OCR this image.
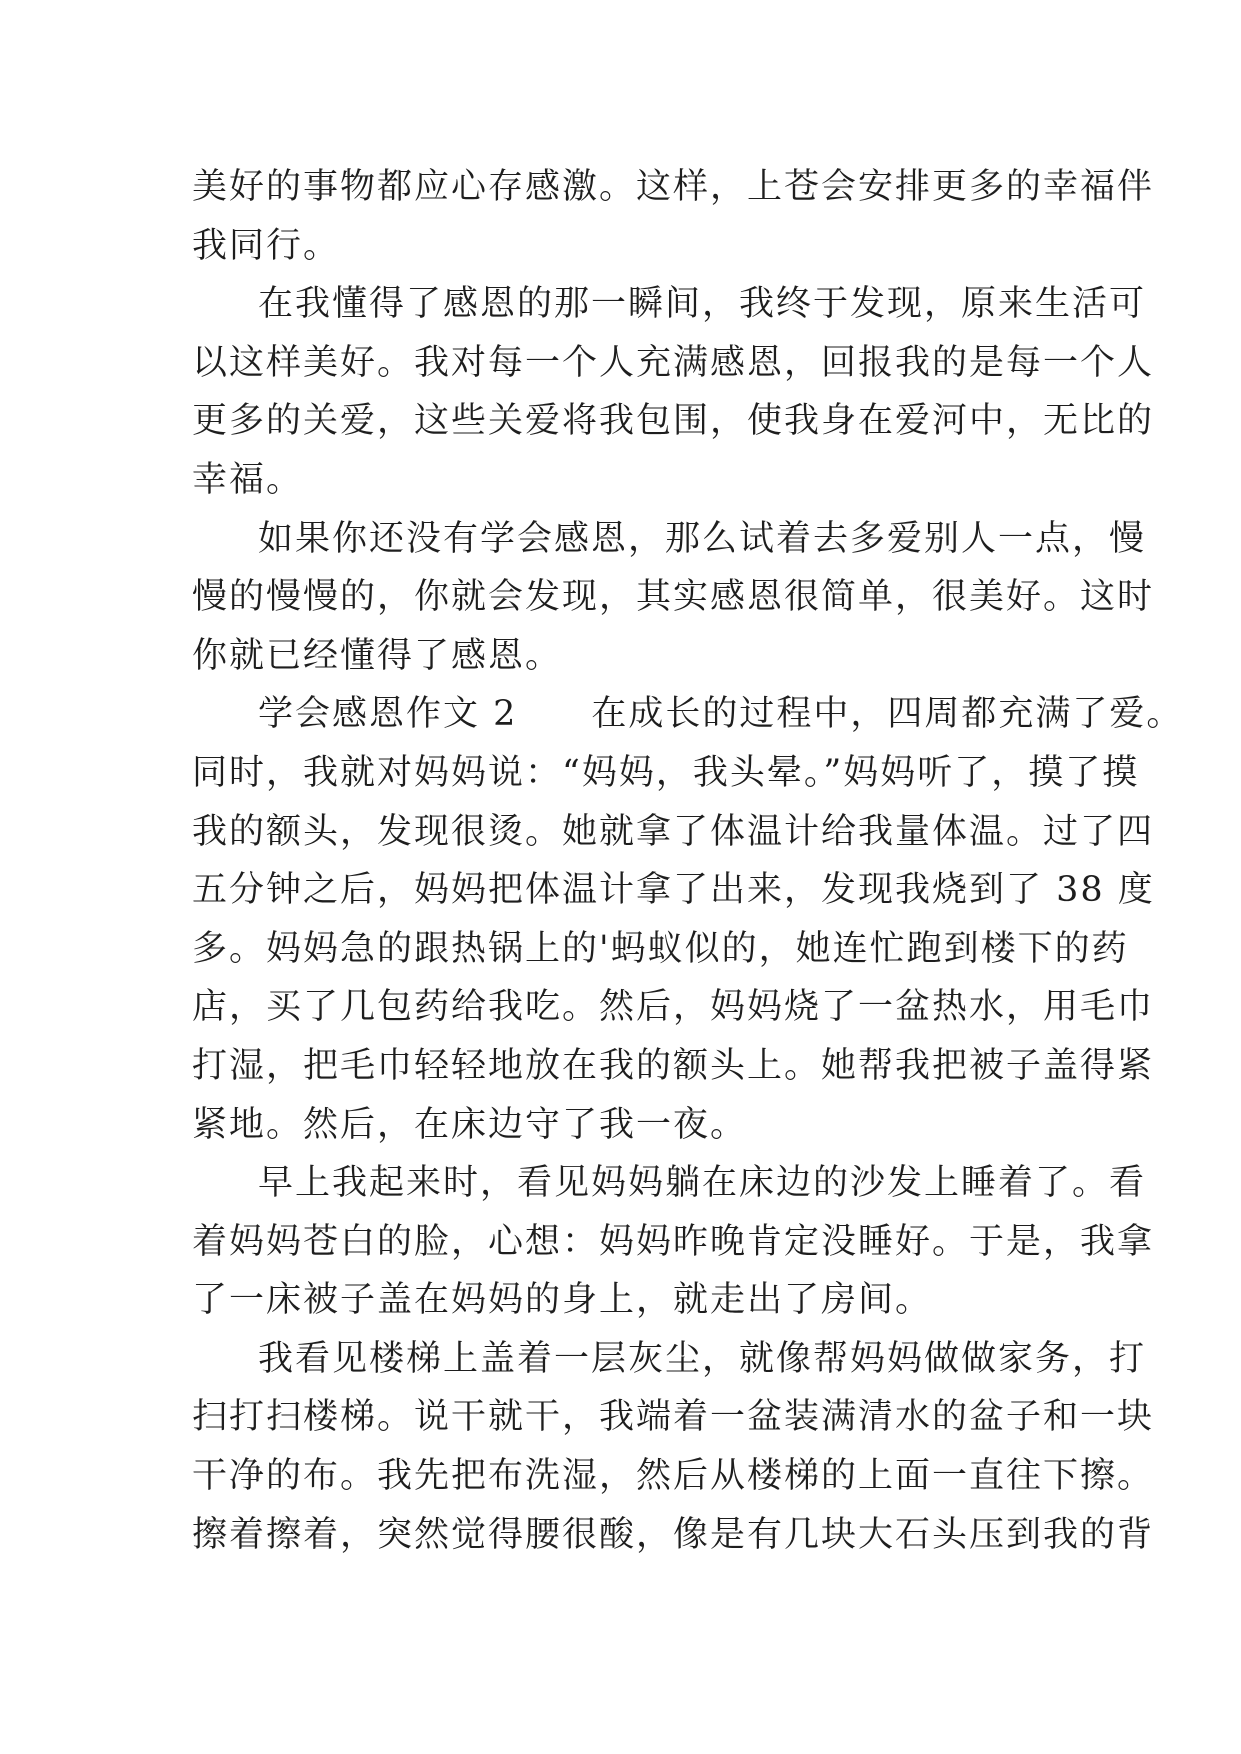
美好的事物都应心存感激。这样，上苍会安排更多的幸福伴
我同行。
在我懂得了感恩的那一瞬间，我终于发现，原来生活可
以这样美好。我对每一个人充满感恩，回报我的是每一个人
更多的关爱，这些关爱将我包围，使我身在爱河中，无比的
幸福。
如果你还没有学会感恩，那么试着去多爱别人一点，慢
慢的慢慢的，你就会发现，其实感恩很简单，很美好。这时
你就已经懂得了感恩。
学会感恩作文 2　　在成长的过程中，四周都充满了爱。
同时，我就对妈妈说：“妈妈，我头晕。”妈妈听了，摸了摸
我的额头，发现很烫。她就拿了体温计给我量体温。过了四
五分钟之后，妈妈把体温计拿了出来，发现我烧到了 38 度
多。妈妈急的跟热锅上的'蚂蚁似的，她连忙跑到楼下的药
店，买了几包药给我吃。然后，妈妈烧了一盆热水，用毛巾
打湿，把毛巾轻轻地放在我的额头上。她帮我把被子盖得紧
紧地。然后，在床边守了我一夜。
早上我起来时，看见妈妈躺在床边的沙发上睡着了。看
着妈妈苍白的脸，心想：妈妈昨晚肯定没睡好。于是，我拿
了一床被子盖在妈妈的身上，就走出了房间。
我看见楼梯上盖着一层灰尘，就像帮妈妈做做家务，打
扫打扫楼梯。说干就干，我端着一盆装满清水的盆子和一块
干净的布。我先把布洗湿，然后从楼梯的上面一直往下擦。
擦着擦着，突然觉得腰很酸，像是有几块大石头压到我的背
